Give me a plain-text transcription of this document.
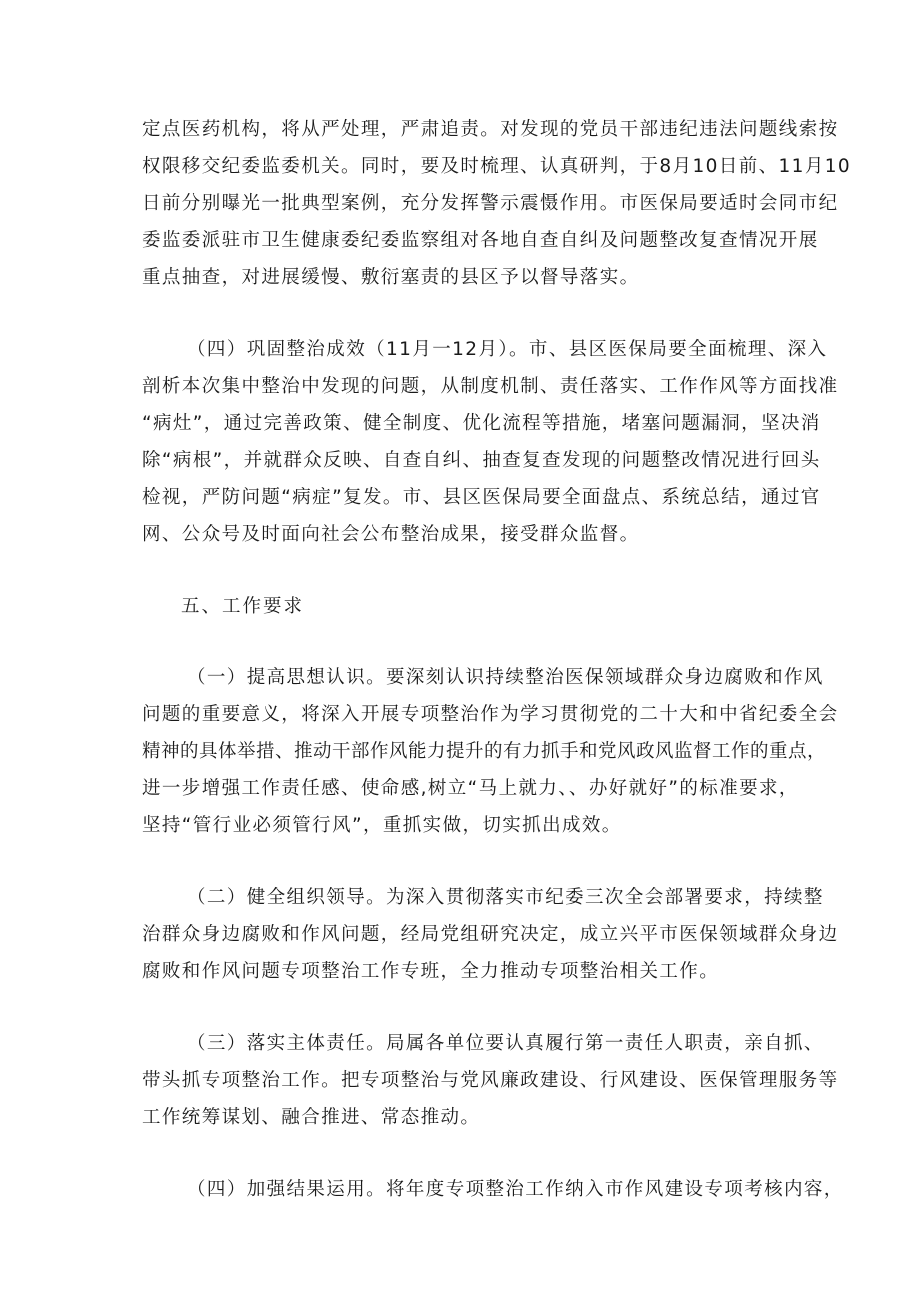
定点医药机构，将从严处理，严肃追责。对发现的党员干部违纪违法问题线索按
权限移交纪委监委机关。同时，要及时梳理、认真研判，于8月10日前、11月10
日前分别曝光一批典型案例，充分发挥警示震慑作用。市医保局要适时会同市纪
委监委派驻市卫生健康委纪委监察组对各地自查自纠及问题整改复查情况开展
重点抽查，对进展缓慢、敷衍塞责的县区予以督导落实。
（四）巩固整治成效（11月一12月）。市、县区医保局要全面梳理、深入
剖析本次集中整治中发现的问题，从制度机制、责任落实、工作作风等方面找准
“病灶”，通过完善政策、健全制度、优化流程等措施，堵塞问题漏洞，坚决消
除“病根”，并就群众反映、自查自纠、抽查复查发现的问题整改情况进行回头
检视，严防问题“病症”复发。市、县区医保局要全面盘点、系统总结，通过官
网、公众号及时面向社会公布整治成果，接受群众监督。
五、工作要求
（一）提高思想认识。要深刻认识持续整治医保领域群众身边腐败和作风
问题的重要意义，将深入开展专项整治作为学习贯彻党的二十大和中省纪委全会
精神的具体举措、推动干部作风能力提升的有力抓手和党风政风监督工作的重点，
进一步增强工作责任感、使命感,树立“马上就力、、办好就好”的标准要求，
坚持“管行业必须管行风”，重抓实做，切实抓出成效。
（二）健全组织领导。为深入贯彻落实市纪委三次全会部署要求，持续整
治群众身边腐败和作风问题，经局党组研究决定，成立兴平市医保领域群众身边
腐败和作风问题专项整治工作专班，全力推动专项整治相关工作。
（三）落实主体责任。局属各单位要认真履行第一责任人职责，亲自抓、
带头抓专项整治工作。把专项整治与党风廉政建设、行风建设、医保管理服务等
工作统筹谋划、融合推进、常态推动。
（四）加强结果运用。将年度专项整治工作纳入市作风建设专项考核内容，
